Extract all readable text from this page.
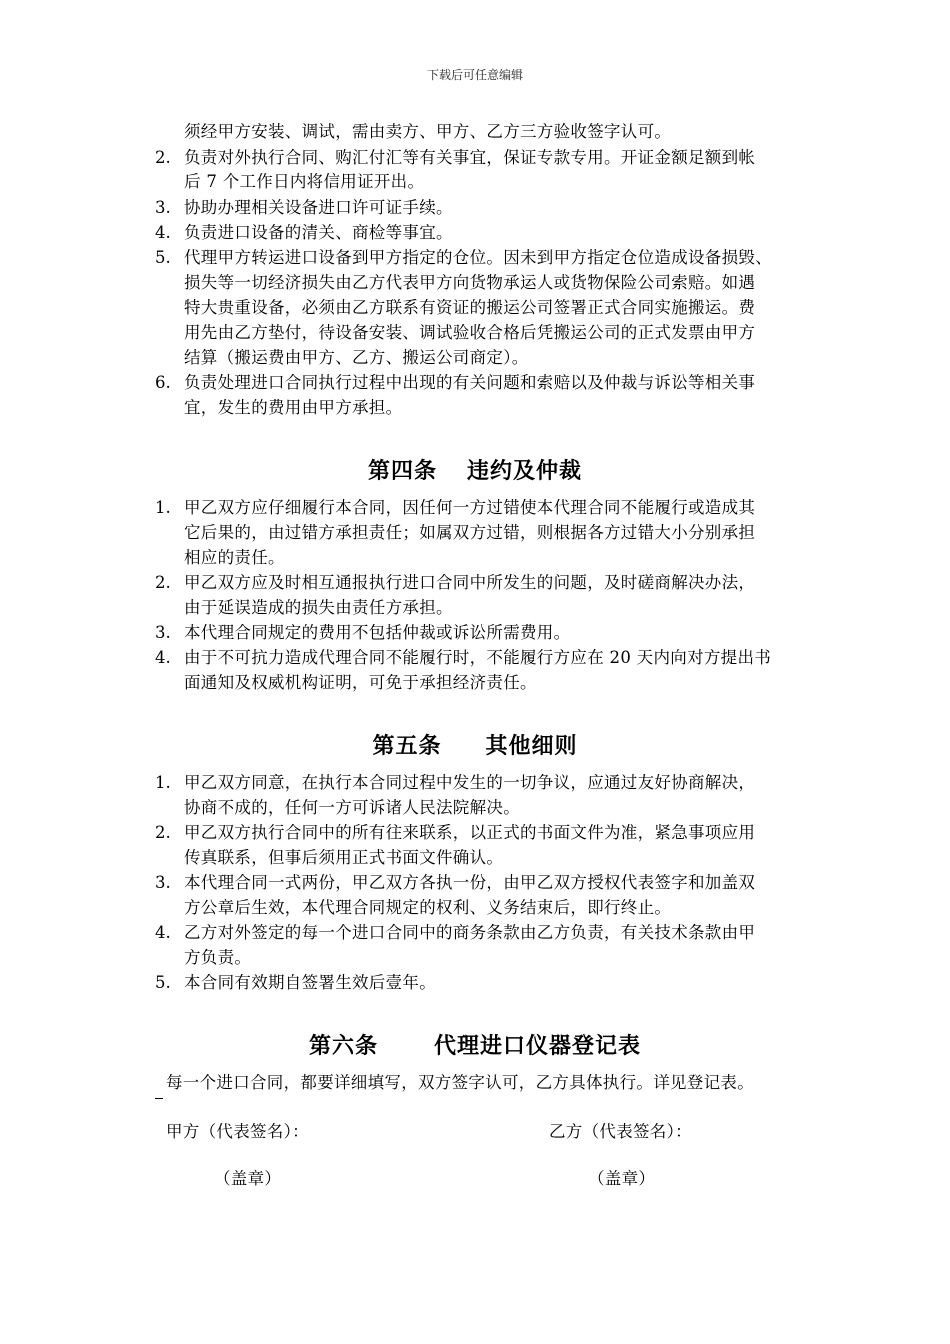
下载后可任意编辑
须经甲方安装、调试，需由卖方、甲方、乙方三方验收签字认可。
2. 负责对外执行合同、购汇付汇等有关事宜，保证专款专用。开证金额足额到帐
后 7 个工作日内将信用证开出。
3. 协助办理相关设备进口许可证手续。
4. 负责进口设备的清关、商检等事宜。
5. 代理甲方转运进口设备到甲方指定的仓位。因未到甲方指定仓位造成设备损毁、
损失等一切经济损失由乙方代表甲方向货物承运人或货物保险公司索赔。如遇
特大贵重设备，必须由乙方联系有资证的搬运公司签署正式合同实施搬运。费
用先由乙方垫付，待设备安装、调试验收合格后凭搬运公司的正式发票由甲方
结算（搬运费由甲方、乙方、搬运公司商定）。
6. 负责处理进口合同执行过程中出现的有关问题和索赔以及仲裁与诉讼等相关事
宜，发生的费用由甲方承担。
第四条 违约及仲裁
1. 甲乙双方应仔细履行本合同，因任何一方过错使本代理合同不能履行或造成其
它后果的，由过错方承担责任；如属双方过错，则根据各方过错大小分别承担
相应的责任。
2. 甲乙双方应及时相互通报执行进口合同中所发生的问题，及时磋商解决办法，
由于延误造成的损失由责任方承担。
3. 本代理合同规定的费用不包括仲裁或诉讼所需费用。
4. 由于不可抗力造成代理合同不能履行时，不能履行方应在 20 天内向对方提出书
面通知及权威机构证明，可免于承担经济责任。
第五条 其他细则
1. 甲乙双方同意，在执行本合同过程中发生的一切争议，应通过友好协商解决，
协商不成的，任何一方可诉诸人民法院解决。
2. 甲乙双方执行合同中的所有往来联系，以正式的书面文件为准，紧急事项应用
传真联系，但事后须用正式书面文件确认。
3. 本代理合同一式两份，甲乙双方各执一份，由甲乙双方授权代表签字和加盖双
方公章后生效，本代理合同规定的权利、义务结束后，即行终止。
4. 乙方对外签定的每一个进口合同中的商务条款由乙方负责，有关技术条款由甲
方负责。
5. 本合同有效期自签署生效后壹年。
第六条	代理进口仪器登记表
每一个进口合同，都要详细填写，双方签字认可，乙方具体执行。详见登记表。
甲方（代表签名）：	乙方（代表签名）：
（盖章）	（盖章）
